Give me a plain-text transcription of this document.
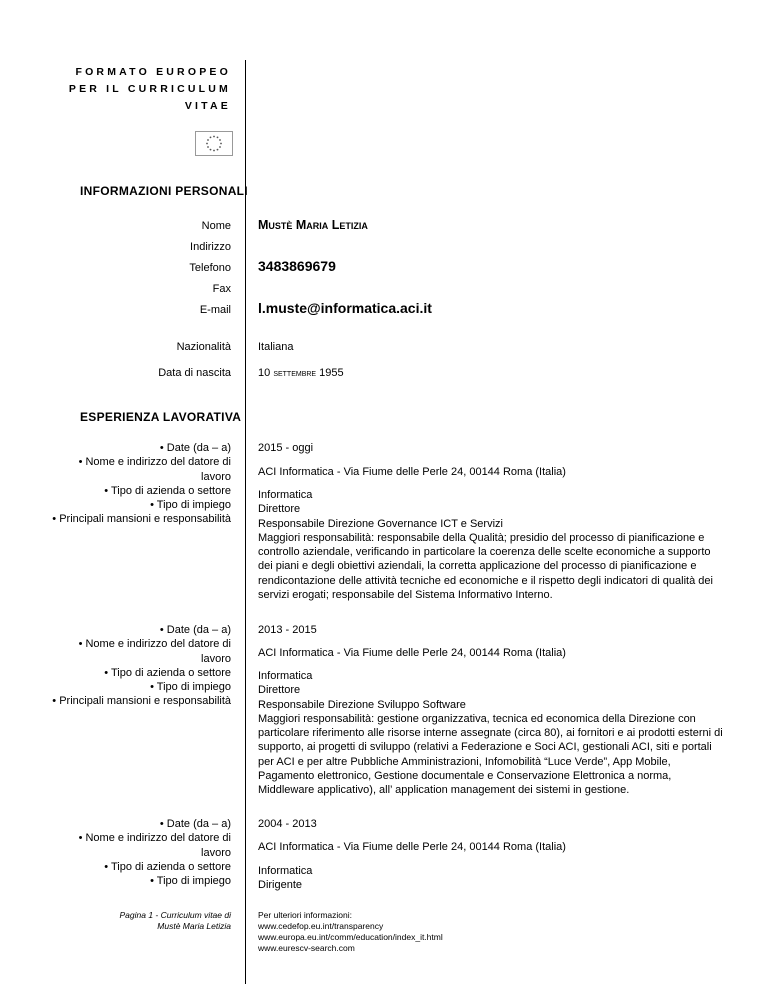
FORMATO EUROPEO
PER IL CURRICULUM
VITAE
INFORMAZIONI PERSONALI
Nome Mustè Maria Letizia
Indirizzo
Telefono 3483869679
Fax
E-mail l.muste@informatica.aci.it
Nazionalità Italiana
Data di nascita 10 settembre 1955
ESPERIENZA LAVORATIVA
• Date (da – a)
• Nome e indirizzo del datore di
lavoro
• Tipo di azienda o settore
• Tipo di impiego
• Principali mansioni e responsabilità
2015 - oggi
ACI Informatica - Via Fiume delle Perle 24, 00144 Roma (Italia)
Informatica
Direttore
Responsabile Direzione Governance ICT e Servizi
Maggiori responsabilità: responsabile della Qualità; presidio del processo di pianificazione e controllo aziendale, verificando in particolare la coerenza delle scelte economiche a supporto dei piani e degli obiettivi aziendali, la corretta applicazione del processo di pianificazione e rendicontazione delle attività tecniche ed economiche e il rispetto degli indicatori di qualità dei servizi erogati; responsabile del Sistema Informativo Interno.
• Date (da – a)
• Nome e indirizzo del datore di
lavoro
• Tipo di azienda o settore
• Tipo di impiego
• Principali mansioni e responsabilità
2013 - 2015
ACI Informatica - Via Fiume delle Perle 24, 00144 Roma (Italia)
Informatica
Direttore
Responsabile Direzione Sviluppo Software
Maggiori responsabilità: gestione organizzativa, tecnica ed economica della Direzione con particolare riferimento alle risorse interne assegnate (circa 80), ai fornitori e ai prodotti esterni di supporto, ai progetti di sviluppo (relativi a Federazione e Soci ACI, gestionali ACI, siti e portali per ACI e per altre Pubbliche Amministrazioni, Infomobilità “Luce Verde”, App Mobile, Pagamento elettronico, Gestione documentale e Conservazione Elettronica a norma, Middleware applicativo), all’ application management dei sistemi in gestione.
• Date (da – a)
• Nome e indirizzo del datore di
lavoro
• Tipo di azienda o settore
• Tipo di impiego
2004 - 2013
ACI Informatica - Via Fiume delle Perle 24, 00144 Roma (Italia)
Informatica
Dirigente
Pagina 1 - Curriculum vitae di
Mustè Maria Letizia
Per ulteriori informazioni:
www.cedefop.eu.int/transparency
www.europa.eu.int/comm/education/index_it.html
www.eurescv-search.com
